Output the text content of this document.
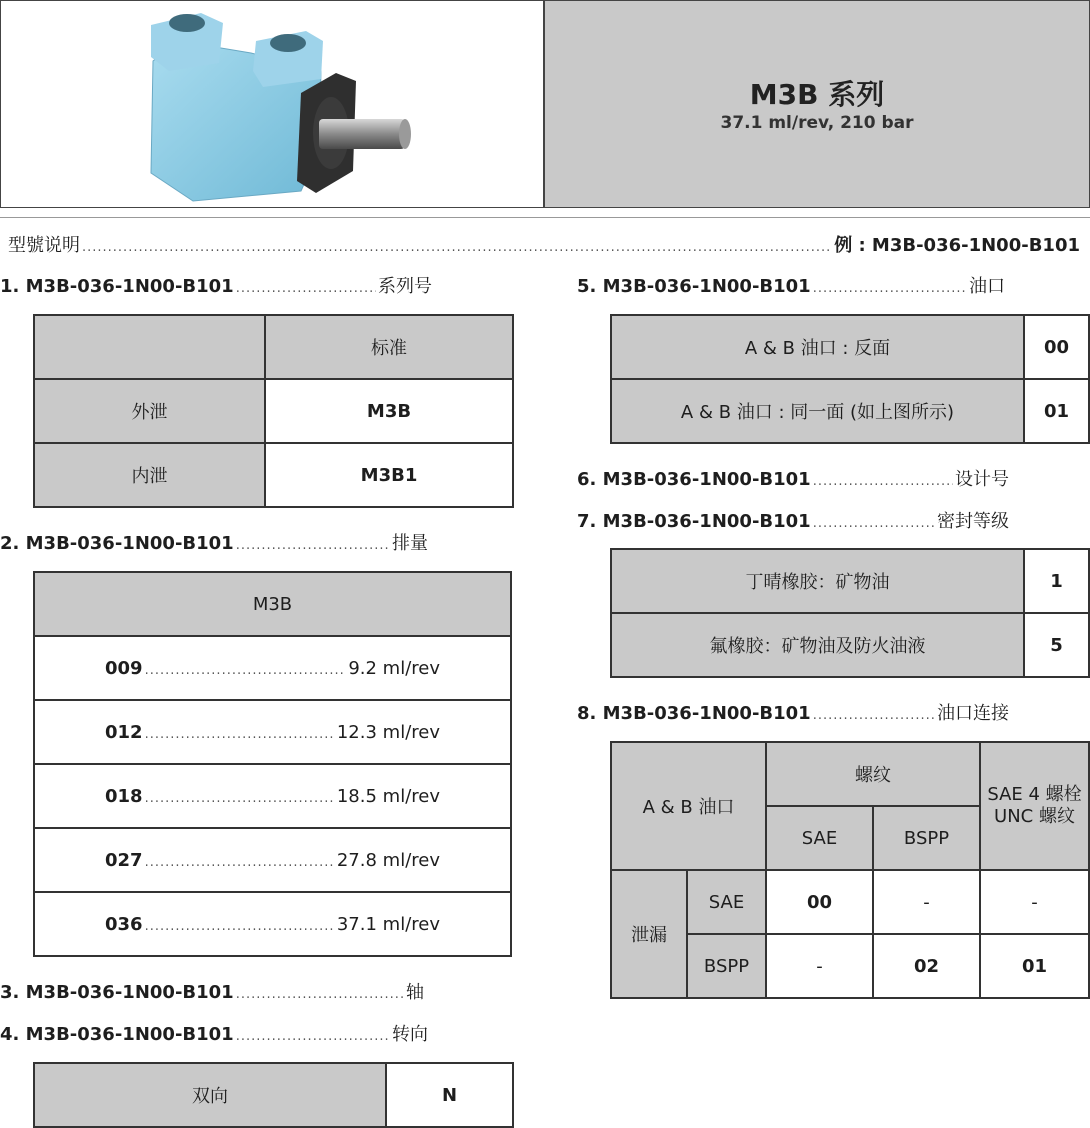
M3B 系列
37.1 ml/rev, 210 bar
型號说明 .....	例 : M3B-036-1N00-B101
1. M3B-036-1N00-B101 .....	系列号
	标准
外泄	M3B
内泄	M3B1
2. M3B-036-1N00-B101 .....	排量
M3B

009 .....	9.2 ml/rev

012 .....	12.3 ml/rev

018 .....	18.5 ml/rev

027 .....	27.8 ml/rev

036 .....	37.1 ml/rev
3. M3B-036-1N00-B101 .....	轴
4. M3B-036-1N00-B101 .....	转向
双向	N
5. M3B-036-1N00-B101 .....	油口
A & B 油口 : 反面	00
A & B 油口 : 同一面 (如上图所示)	01
6. M3B-036-1N00-B101 .....	设计号
7. M3B-036-1N00-B101 .....	密封等级
丁晴橡胶：矿物油	1
氟橡胶：矿物油及防火油液	5
8. M3B-036-1N00-B101 .....	油口连接
A & B 油口		螺纹		SAE 4 螺栓 UNC 螺纹
		SAE	BSPP	
泄漏	SAE	00	-	-
	BSPP	-	02	01
